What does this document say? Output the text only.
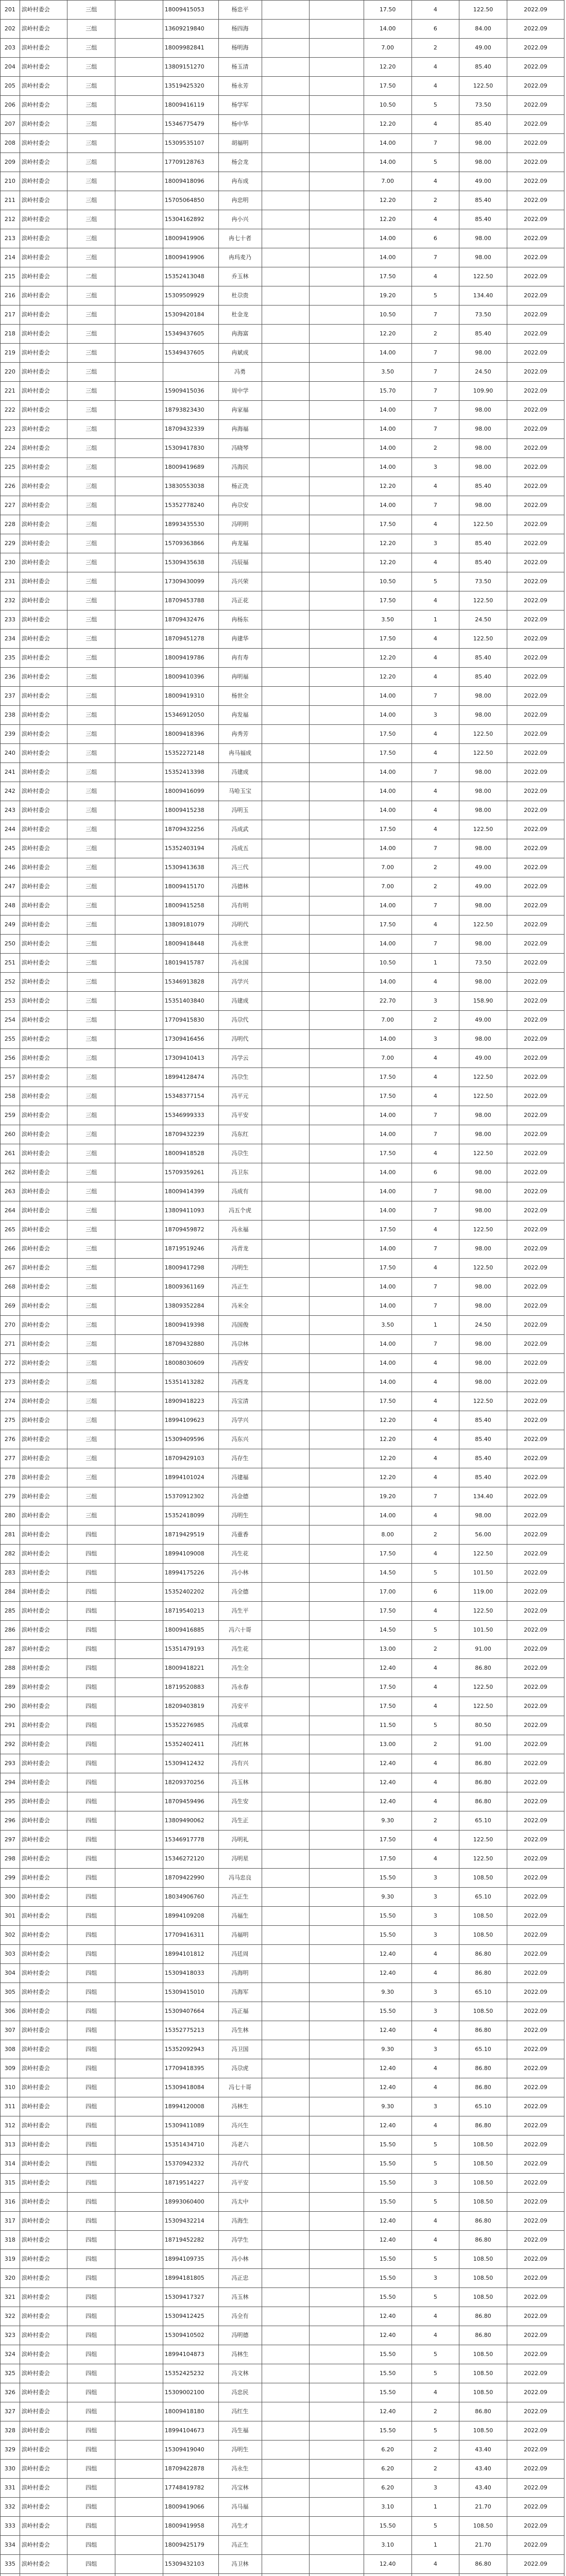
201	滨岭村委会	三组		18009415053	杨忠平			17.50	4	122.50	2022.09
202	滨岭村委会	三组		13609219840	杨四海			14.00	6	84.00	2022.09
203	滨岭村委会	三组		18009982841	杨明海			7.00	2	49.00	2022.09
204	滨岭村委会	三组		13809151270	杨玉清			12.20	4	85.40	2022.09
205	滨岭村委会	三组		13519425320	杨永芳			17.50	4	122.50	2022.09
206	滨岭村委会	三组		18009416119	杨学军			10.50	5	73.50	2022.09
207	滨岭村委会	三组		15346775479	杨中华			12.20	4	85.40	2022.09
208	滨岭村委会	三组		15309535107	胡福明			14.00	7	98.00	2022.09
209	滨岭村委会	三组		17709128763	杨会龙			14.00	5	98.00	2022.09
210	滨岭村委会	三组		18009418096	冉布成			7.00	4	49.00	2022.09
211	滨岭村委会	三组		15705064850	冉忠明			12.20	2	85.40	2022.09
212	滨岭村委会	三组		15304162892	冉小兴			12.20	4	85.40	2022.09
213	滨岭村委会	三组		18009419906	冉七十者			14.00	6	98.00	2022.09
214	滨岭村委会	三组		18009419906	冉玛麦乃			14.00	7	98.00	2022.09
215	滨岭村委会	二组		15352413048	乔玉林			17.50	4	122.50	2022.09
216	滨岭村委会	三组		15309509929	杜尕贵			19.20	5	134.40	2022.09
217	滨岭村委会	三组		15309420184	杜金龙			10.50	7	73.50	2022.09
218	滨岭村委会	三组		15349437605	冉海富			12.20	2	85.40	2022.09
219	滨岭村委会	三组		15349437605	冉斌成			14.00	7	98.00	2022.09
220	滨岭村委会	三组			冯勇			3.50	7	24.50	2022.09
221	滨岭村委会	三组		15909415036	周中学			15.70	7	109.90	2022.09
222	滨岭村委会	三组		18793823430	冉家福			14.00	7	98.00	2022.09
223	滨岭村委会	三组		18709432339	冉海福			14.00	7	98.00	2022.09
224	滨岭村委会	三组		15309417830	冯晓琴			14.00	2	98.00	2022.09
225	滨岭村委会	三组		18009419689	冯海民			14.00	3	98.00	2022.09
226	滨岭村委会	三组		13830553038	杨正洗			12.20	4	85.40	2022.09
227	滨岭村委会	三组		15352778240	冉尕安			14.00	7	98.00	2022.09
228	滨岭村委会	三组		18993435530	冯明明			17.50	4	122.50	2022.09
229	滨岭村委会	三组		15709363866	冉龙福			12.20	3	85.40	2022.09
230	滨岭村委会	三组		15309435638	冯辰福			12.20	4	85.40	2022.09
231	滨岭村委会	三组		17309430099	冯兴荣			10.50	5	73.50	2022.09
232	滨岭村委会	三组		18709453788	冯正花			17.50	4	122.50	2022.09
233	滨岭村委会	三组		18709432476	冉杨东			3.50	1	24.50	2022.09
234	滨岭村委会	三组		18709451278	冉建华			17.50	4	122.50	2022.09
235	滨岭村委会	三组		18009419786	冉有寿			12.20	4	85.40	2022.09
236	滨岭村委会	三组		18009410396	冉明福			12.20	4	85.40	2022.09
237	滨岭村委会	三组		18009419310	杨世全			14.00	7	98.00	2022.09
238	滨岭村委会	三组		15346912050	冉发福			14.00	3	98.00	2022.09
239	滨岭村委会	三组		18009418396	冉秀芳			17.50	4	122.50	2022.09
240	滨岭村委会	三组		15352272148	冉马福成			17.50	4	122.50	2022.09
241	滨岭村委会	三组		15352413398	冯建成			14.00	7	98.00	2022.09
242	滨岭村委会	三组		18009416099	马哈玉宝			14.00	4	98.00	2022.09
243	滨岭村委会	三组		18009415238	冯明玉			14.00	4	98.00	2022.09
244	滨岭村委会	三组		18709432256	冯成武			17.50	4	122.50	2022.09
245	滨岭村委会	三组		15352403194	冯成五			14.00	7	98.00	2022.09
246	滨岭村委会	三组		15309413638	冯三代			7.00	2	49.00	2022.09
247	滨岭村委会	三组		18009415170	冯德林			7.00	2	49.00	2022.09
248	滨岭村委会	三组		18009415258	冯有明			14.00	7	98.00	2022.09
249	滨岭村委会	三组		13809181079	冯明代			17.50	4	122.50	2022.09
250	滨岭村委会	三组		18009418448	冯永世			14.00	7	98.00	2022.09
251	滨岭村委会	三组		18019415787	冯永国			10.50	1	73.50	2022.09
252	滨岭村委会	三组		15346913828	冯学兴			14.00	4	98.00	2022.09
253	滨岭村委会	三组		15351403840	冯建成			22.70	3	158.90	2022.09
254	滨岭村委会	三组		17709415830	冯尕代			7.00	2	49.00	2022.09
255	滨岭村委会	三组		17309416456	冯明代			14.00	3	98.00	2022.09
256	滨岭村委会	三组		17309410413	冯学云			7.00	4	49.00	2022.09
257	滨岭村委会	三组		18994128474	冯尕生			17.50	4	122.50	2022.09
258	滨岭村委会	三组		15348377154	冯平元			17.50	4	122.50	2022.09
259	滨岭村委会	三组		15346999333	冯平安			14.00	7	98.00	2022.09
260	滨岭村委会	三组		18709432239	冯东红			14.00	7	98.00	2022.09
261	滨岭村委会	三组		18009418528	冯尕生			17.50	4	122.50	2022.09
262	滨岭村委会	三组		15709359261	冯卫东			14.00	6	98.00	2022.09
263	滨岭村委会	三组		18009414399	冯成有			14.00	7	98.00	2022.09
264	滨岭村委会	三组		13809411093	冯五个虎			14.00	7	98.00	2022.09
265	滨岭村委会	三组		18709459872	冯永福			17.50	4	122.50	2022.09
266	滨岭村委会	三组		18719519246	冯青龙			14.00	7	98.00	2022.09
267	滨岭村委会	三组		18009417298	冯明生			17.50	4	122.50	2022.09
268	滨岭村委会	三组		18009361169	冯正生			14.00	7	98.00	2022.09
269	滨岭村委会	三组		13809352284	冯米全			14.00	7	98.00	2022.09
270	滨岭村委会	三组		18009419398	冯国俊			3.50	1	24.50	2022.09
271	滨岭村委会	三组		18709432880	冯尕林			14.00	7	98.00	2022.09
272	滨岭村委会	三组		18008030609	冯西安			14.00	4	98.00	2022.09
273	滨岭村委会	三组		15351413282	冯西龙			14.00	4	98.00	2022.09
274	滨岭村委会	三组		18909418223	冯宝清			17.50	4	122.50	2022.09
275	滨岭村委会	三组		18994109623	冯学兴			12.20	4	85.40	2022.09
276	滨岭村委会	三组		15309409596	冯东兴			12.20	4	85.40	2022.09
277	滨岭村委会	三组		18709429103	冯存生			12.20	4	85.40	2022.09
278	滨岭村委会	三组		18994101024	冯建福			12.20	4	85.40	2022.09
279	滨岭村委会	三组		15370912302	冯金德			19.20	7	134.40	2022.09
280	滨岭村委会	三组		15352418099	冯明生			14.00	4	98.00	2022.09
281	滨岭村委会	四组		18719429519	冯重香			8.00	2	56.00	2022.09
282	滨岭村委会	四组		18994109008	冯生花			17.50	4	122.50	2022.09
283	滨岭村委会	四组		18994175226	冯小林			14.50	5	101.50	2022.09
284	滨岭村委会	四组		15352402202	冯全德			17.00	6	119.00	2022.09
285	滨岭村委会	四组		18719540213	冯生平			17.50	4	122.50	2022.09
286	滨岭村委会	四组		18009416885	冯六十哥			14.50	5	101.50	2022.09
287	滨岭村委会	四组		15351479193	冯生花			13.00	2	91.00	2022.09
288	滨岭村委会	四组		18009418221	冯生全			12.40	4	86.80	2022.09
289	滨岭村委会	四组		18719520883	冯永春			17.50	4	122.50	2022.09
290	滨岭村委会	四组		18209403819	冯安平			17.50	4	122.50	2022.09
291	滨岭村委会	四组		15352276985	冯成章			11.50	5	80.50	2022.09
292	滨岭村委会	四组		15352402411	冯红林			13.00	2	91.00	2022.09
293	滨岭村委会	四组		15309412432	冯有兴			12.40	4	86.80	2022.09
294	滨岭村委会	四组		18209370256	冯玉林			12.40	4	86.80	2022.09
295	滨岭村委会	四组		18709459496	冯生安			12.40	4	86.80	2022.09
296	滨岭村委会	四组		13809490062	冯生正			9.30	2	65.10	2022.09
297	滨岭村委会	四组		15346917778	冯明礼			17.50	4	122.50	2022.09
298	滨岭村委会	四组		15346272120	冯明星			17.50	4	122.50	2022.09
299	滨岭村委会	四组		18709422990	冯马忠良			15.50	3	108.50	2022.09
300	滨岭村委会	四组		18034906760	冯正生			9.30	3	65.10	2022.09
301	滨岭村委会	四组		18994109208	冯福生			15.50	3	108.50	2022.09
302	滨岭村委会	四组		17709416311	冯福明			15.50	3	108.50	2022.09
303	滨岭村委会	四组		18994101812	冯廷周			12.40	4	86.80	2022.09
304	滨岭村委会	四组		15309418033	冯海明			12.40	4	86.80	2022.09
305	滨岭村委会	四组		15309415010	冯海军			9.30	3	65.10	2022.09
306	滨岭村委会	四组		15309407664	冯正福			15.50	3	108.50	2022.09
307	滨岭村委会	四组		15352775213	冯生林			12.40	4	86.80	2022.09
308	滨岭村委会	四组		15352092943	冯卫国			9.30	3	65.10	2022.09
309	滨岭村委会	四组		17709418395	冯尕虎			12.40	4	86.80	2022.09
310	滨岭村委会	四组		15309418084	冯七十哥			12.40	4	86.80	2022.09
311	滨岭村委会	四组		18994120008	冯林生			9.30	3	65.10	2022.09
312	滨岭村委会	四组		15309411089	冯兴生			12.40	4	86.80	2022.09
313	滨岭村委会	四组		15351434710	冯老六			15.50	5	108.50	2022.09
314	滨岭村委会	四组		15370942332	冯存代			15.50	5	108.50	2022.09
315	滨岭村委会	四组		18719514227	冯平安			15.50	3	108.50	2022.09
316	滨岭村委会	四组		18993060400	冯太中			15.50	5	108.50	2022.09
317	滨岭村委会	四组		15309432214	冯海生			12.40	4	86.80	2022.09
318	滨岭村委会	四组		18719452282	冯学生			12.40	4	86.80	2022.09
319	滨岭村委会	四组		18994109735	冯小林			15.50	5	108.50	2022.09
320	滨岭村委会	四组		18994181805	冯正忠			15.50	3	108.50	2022.09
321	滨岭村委会	四组		15309417327	冯玉林			15.50	5	108.50	2022.09
322	滨岭村委会	四组		15309412425	冯全有			12.40	4	86.80	2022.09
323	滨岭村委会	四组		15309410502	冯明德			12.40	4	86.80	2022.09
324	滨岭村委会	四组		18994104873	冯林生			15.50	5	108.50	2022.09
325	滨岭村委会	四组		15352425232	冯文林			15.50	5	108.50	2022.09
326	滨岭村委会	四组		15309002100	冯忠民			15.50	4	108.50	2022.09
327	滨岭村委会	四组		18009418180	冯红生			12.40	2	86.80	2022.09
328	滨岭村委会	四组		18994104673	冯生福			15.50	5	108.50	2022.09
329	滨岭村委会	四组		15309419040	冯明生			6.20	2	43.40	2022.09
330	滨岭村委会	四组		18709422878	冯永生			6.20	2	43.40	2022.09
331	滨岭村委会	四组		17748419782	冯宝林			6.20	3	43.40	2022.09
332	滨岭村委会	四组		18009419066	冯马福			3.10	1	21.70	2022.09
333	滨岭村委会	四组		18009419958	冯生才			15.50	5	108.50	2022.09
334	滨岭村委会	四组		18009425179	冯正生			3.10	1	21.70	2022.09
335	滨岭村委会	四组		15309432103	冯卫林			12.40	4	86.80	2022.09
